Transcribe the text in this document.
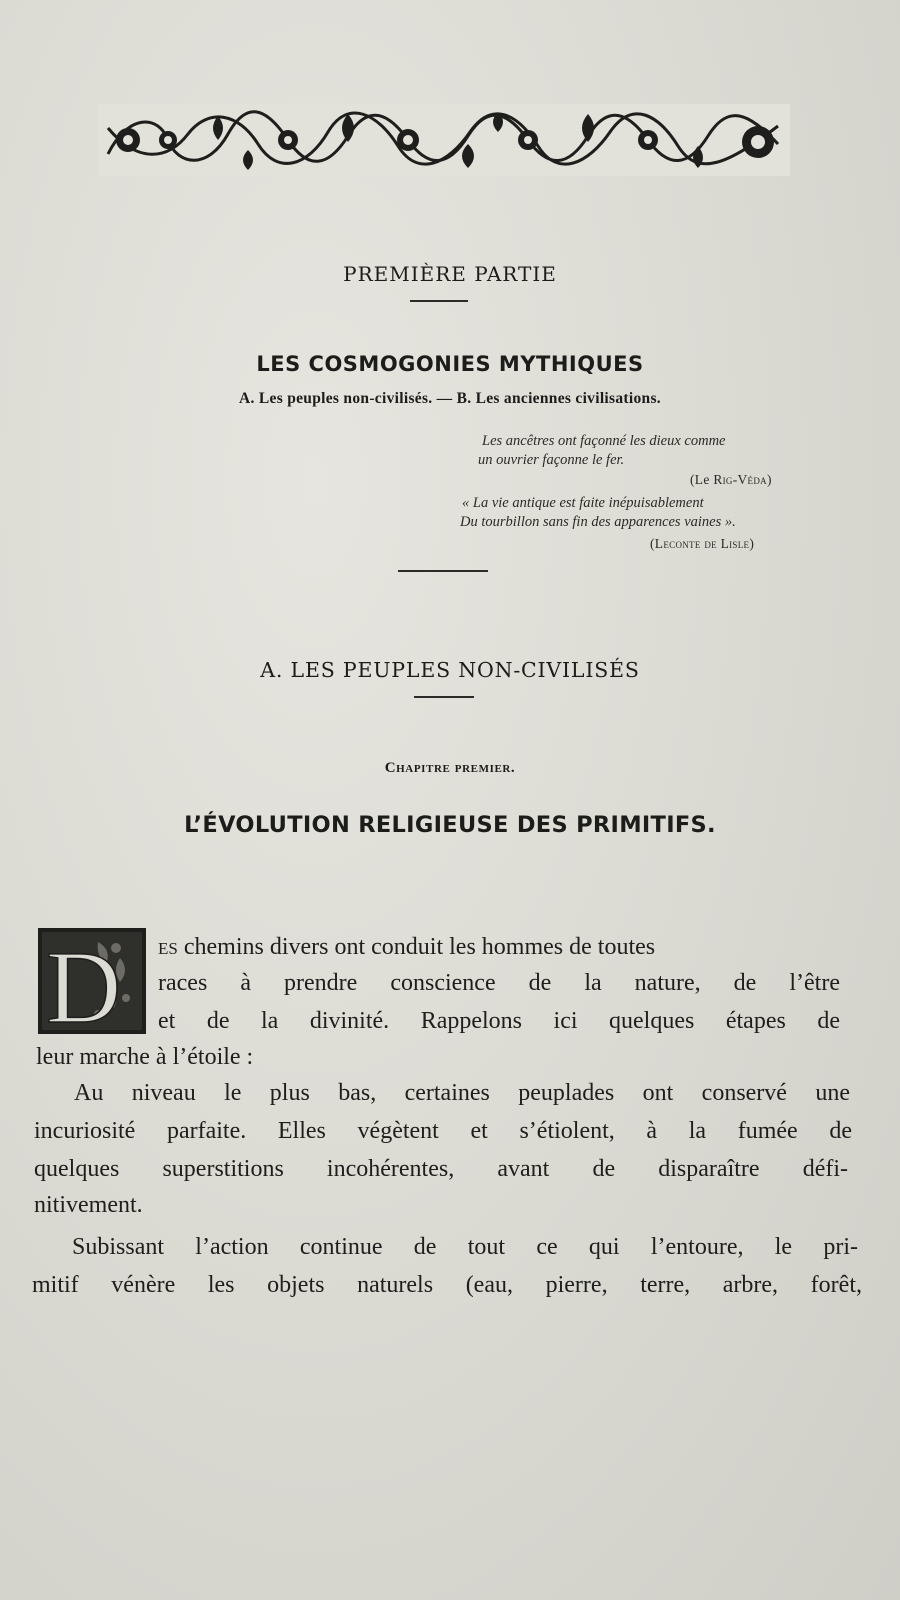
PREMIÈRE PARTIE
LES COSMOGONIES MYTHIQUES
A. Les peuples non-civilisés. — B. Les anciennes civilisations.
Les ancêtres ont façonné les dieux comme
un ouvrier façonne le fer.
(Le Rig-Véda)
« La vie antique est faite inépuisablement
Du tourbillon sans fin des apparences vaines ».
(Leconte de Lisle)
A. LES PEUPLES NON-CIVILISÉS
Chapitre premier.
L’ÉVOLUTION RELIGIEUSE DES PRIMITIFS.
D es chemins divers ont conduit les hommes de toutes
races à prendre conscience de la nature, de l’être
et de la divinité. Rappelons ici quelques étapes de
leur marche à l’étoile :
Au niveau le plus bas, certaines peuplades ont conservé une
incuriosité parfaite. Elles végètent et s’étiolent, à la fumée de
quelques superstitions incohérentes, avant de disparaître défi-
nitivement.
Subissant l’action continue de tout ce qui l’entoure, le pri-
mitif vénère les objets naturels (eau, pierre, terre, arbre, forêt,
